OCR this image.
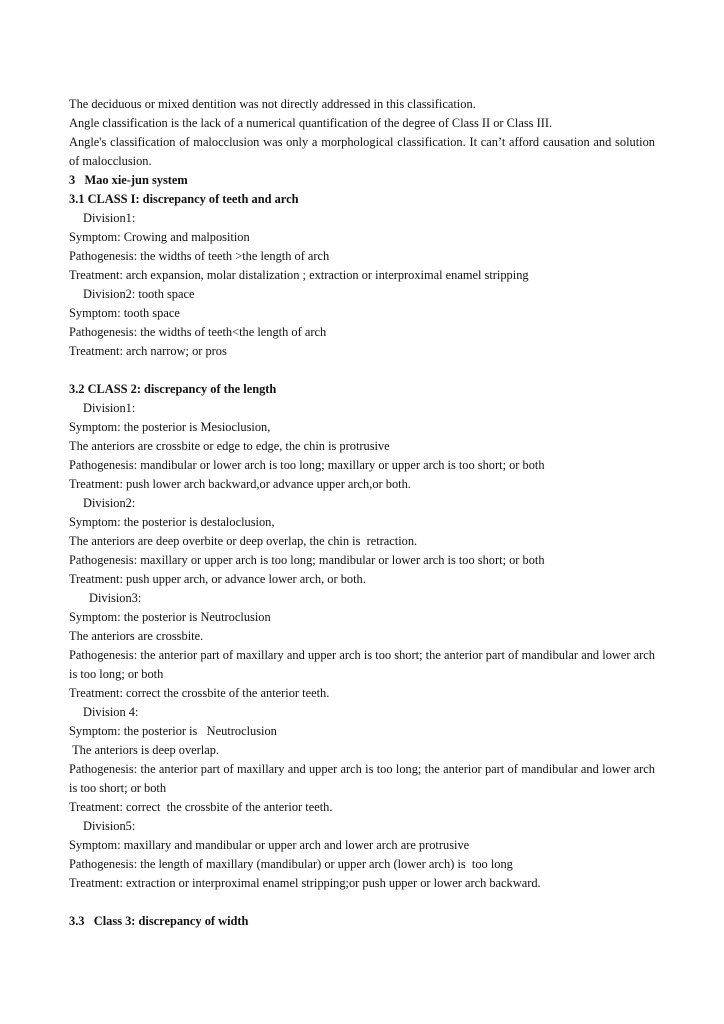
The deciduous or mixed dentition was not directly addressed in this classification.
Angle classification is the lack of a numerical quantification of the degree of Class II or Class III.
Angle's classification of malocclusion was only a morphological classification. It can’t afford causation and solution of malocclusion.
3   Mao xie-jun system
3.1 CLASS I: discrepancy of teeth and arch
Division1:
Symptom: Crowing and malposition
Pathogenesis: the widths of teeth >the length of arch
Treatment: arch expansion, molar distalization ; extraction or interproximal enamel stripping
Division2: tooth space
Symptom: tooth space
Pathogenesis: the widths of teeth<the length of arch
Treatment: arch narrow; or pros
3.2 CLASS 2: discrepancy of the length
Division1:
Symptom: the posterior is Mesioclusion,
The anteriors are crossbite or edge to edge, the chin is protrusive
Pathogenesis: mandibular or lower arch is too long; maxillary or upper arch is too short; or both
Treatment: push lower arch backward,or advance upper arch,or both.
Division2:
Symptom: the posterior is destaloclusion,
The anteriors are deep overbite or deep overlap, the chin is  retraction.
Pathogenesis: maxillary or upper arch is too long; mandibular or lower arch is too short; or both
Treatment: push upper arch, or advance lower arch, or both.
Division3:
Symptom: the posterior is Neutroclusion
The anteriors are crossbite.
Pathogenesis: the anterior part of maxillary and upper arch is too short; the anterior part of mandibular and lower arch is too long; or both
Treatment: correct the crossbite of the anterior teeth.
Division 4:
Symptom: the posterior is   Neutroclusion
The anteriors is deep overlap.
Pathogenesis: the anterior part of maxillary and upper arch is too long; the anterior part of mandibular and lower arch is too short; or both
Treatment: correct  the crossbite of the anterior teeth.
Division5:
Symptom: maxillary and mandibular or upper arch and lower arch are protrusive
Pathogenesis: the length of maxillary (mandibular) or upper arch (lower arch) is  too long
Treatment: extraction or interproximal enamel stripping;or push upper or lower arch backward.
3.3   Class 3: discrepancy of width
